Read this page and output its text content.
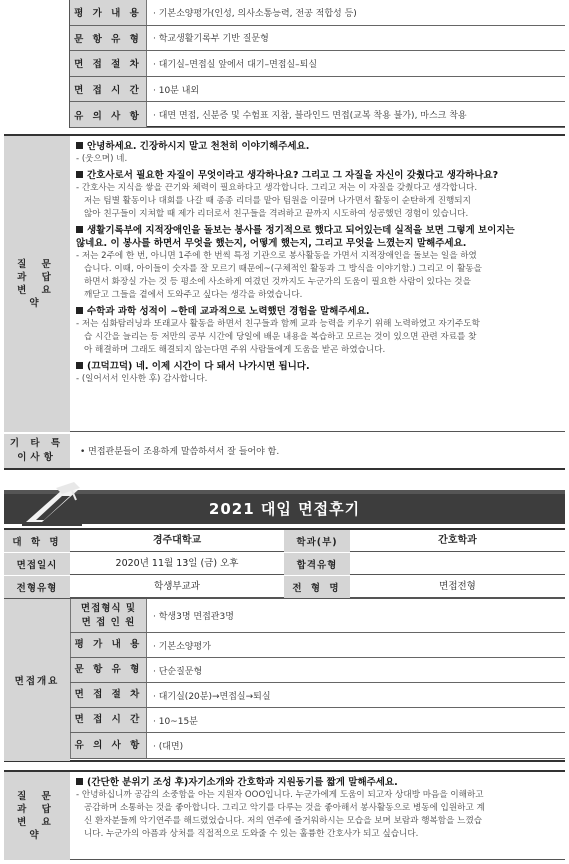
평 가 내 용	· 기본소양평가(인성, 의사소통능력, 전공 적합성 등)
문 항 유 형	· 학교생활기록부 기반 질문형
면 접 절 차	· 대기실–면접실 앞에서 대기–면접실–퇴실
면 접 시 간	· 10분 내외
유 의 사 항	· 대면 면접, 신분증 및 수험표 지참, 블라인드 면접(교복 착용 불가), 마스크 착용
질 문 과 답 변 요 약
안녕하세요. 긴장하시지 말고 천천히 이야기해주세요.
- (웃으며) 네.
간호사로서 필요한 자질이 무엇이라고 생각하나요? 그리고 그 자질을 자신이 갖췄다고 생각하나요?
- 간호사는 지식을 쌓을 끈기와 체력이 필요하다고 생각합니다. 그리고 저는 이 자질을 갖췄다고 생각합니다.
저는 팀별 활동이나 대회를 나갈 때 종종 리더를 맡아 팀원을 이끌며 나가면서 활동이 순탄하게 진행되지
않아 친구들이 지쳐할 때 제가 리더로서 친구들을 격려하고 끝까지 시도하여 성공했던 경험이 있습니다.
생활기록부에 지적장애인을 돌보는 봉사를 정기적으로 했다고 되어있는데 실적을 보면 그렇게 보이지는
않네요. 이 봉사를 하면서 무엇을 했는지, 어떻게 했는지, 그리고 무엇을 느꼈는지 말해주세요.
- 저는 2주에 한 번, 아니면 1주에 한 번씩 특정 기관으로 봉사활동을 가면서 지적장애인을 돌보는 일을 하였
습니다. 이때, 아이들이 숫자를 잘 모르기 때문에~(구체적인 활동과 그 방식을 이야기함.) 그리고 이 활동을
하면서 화장실 가는 것 등 평소에 사소하게 여겼던 것까지도 누군가의 도움이 필요한 사람이 있다는 것을
깨닫고 그들을 곁에서 도와주고 싶다는 생각을 하였습니다.
수학과 과학 성적이 ~한데 교과적으로 노력했던 경험을 말해주세요.
- 저는 심화탐러닝과 또래교사 활동을 하면서 친구들과 함께 교과 능력을 키우기 위해 노력하였고 자기주도학
습 시간을 늘리는 등 저만의 공부 시간에 당일에 배운 내용을 복습하고 모르는 것이 있으면 관련 자료를 찾
아 해결하며 그래도 해결되지 않는다면 주위 사람들에게 도움을 받곤 하였습니다.
(끄덕끄덕) 네. 이제 시간이 다 돼서 나가시면 됩니다.
- (일어서서 인사한 후) 감사합니다.
기 타 특이사항	• 면접관분들이 조용하게 말씀하셔서 잘 들어야 함.
2021 대입 면접후기
대 학 명	경주대학교	학과(부)	간호학과
면접일시	2020년 11월 13일 (금) 오후	합격유형
전형유형	학생부교과	전 형 명	면접전형
면접개요
면접형식 및
면 접 인 원	· 학생3명 면접관3명
평 가 내 용	· 기본소양평가
문 항 유 형	· 단순질문형
면 접 절 차	· 대기실(20분)→면접실→퇴실
면 접 시 간	· 10~15분
유 의 사 항	· (대면)
질 문 과 답 변 요 약
(간단한 분위기 조성 후)자기소개와 간호학과 지원동기를 짧게 말해주세요.
- 안녕하십니까 공감의 소중함을 아는 지원자 OOO입니다. 누군가에게 도움이 되고자 상대방 마음을 이해하고
공감하며 소통하는 것을 좋아합니다. 그리고 악기를 다루는 것을 좋아해서 봉사활동으로 병동에 입원하고 계
신 환자분들께 악기연주를 해드렸었습니다. 저의 연주에 즐거워하시는 모습을 보며 보람과 행복함을 느꼈습
니다. 누군가의 아픔과 상처를 직접적으로 도와줄 수 있는 훌륭한 간호사가 되고 싶습니다.
